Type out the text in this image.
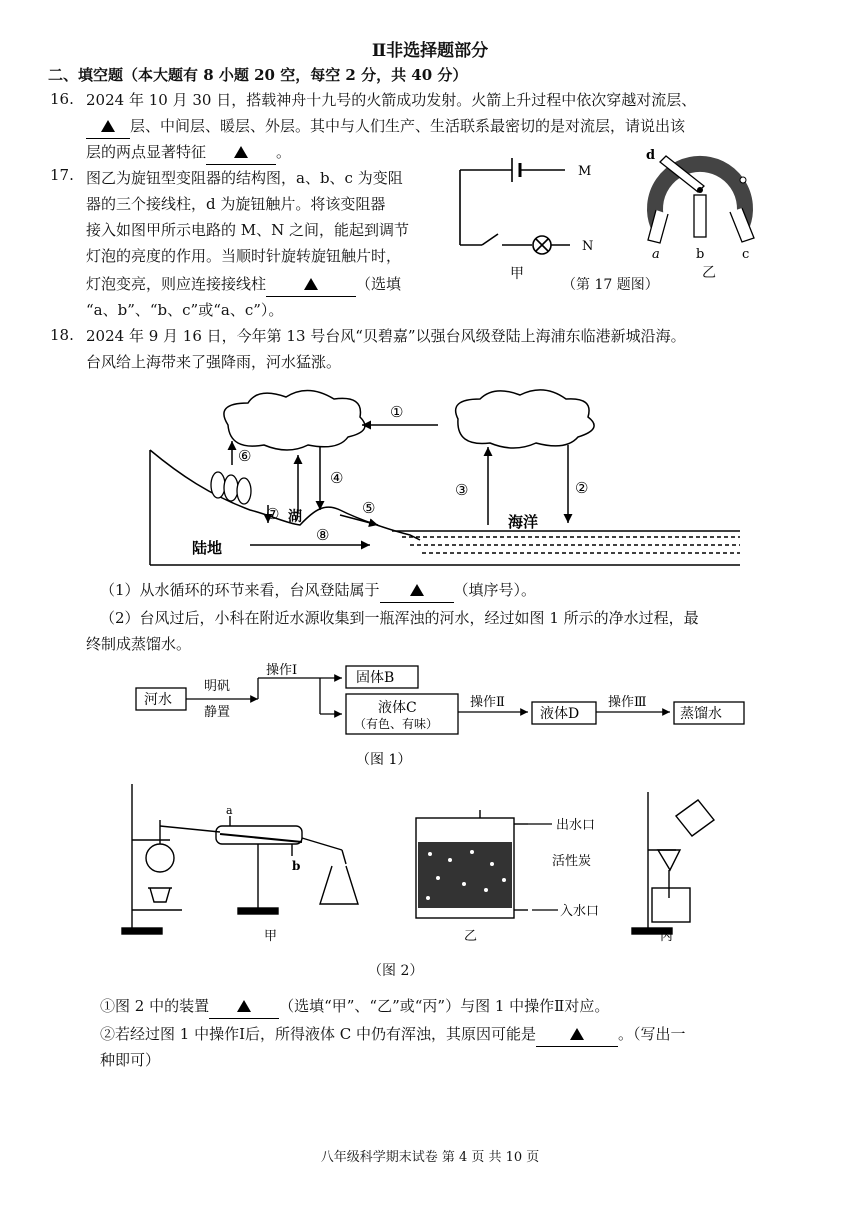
Ⅱ非选择题部分
二、填空题（本大题有 8 小题 20 空，每空 2 分，共 40 分）
16. 2024 年 10 月 30 日，搭载神舟十九号的火箭成功发射。火箭上升过程中依次穿越对流层、
层、中间层、暖层、外层。其中与人们生产、生活联系最密切的是对流层，请说出该
层的两点显著特征	。
17. 图乙为旋钮型变阻器的结构图，a、b、c 为变阻
器的三个接线柱，d 为旋钮触片。将该变阻器
接入如图甲所示电路的 M、N 之间，能起到调节
灯泡的亮度的作用。当顺时针旋转旋钮触片时，
灯泡变亮，则应连接接线柱	（选填
“a、b”、“b、c”或“a、c”）。
M
N
甲
d
a	b	c
乙
（第 17 题图）
18. 2024 年 9 月 16 日，今年第 13 号台风“贝碧嘉”以强台风级登陆上海浦东临港新城沿海。
台风给上海带来了强降雨，河水猛涨。
①
②
③
④
⑤
⑥
⑦
⑧
湖
陆地
海洋
（1）从水循环的环节来看，台风登陆属于	（填序号）。
（2）台风过后，小科在附近水源收集到一瓶浑浊的河水，经过如图 1 所示的净水过程，最
终制成蒸馏水。
河水
明矾
静置
操作Ⅰ	固体B
液体C
（有色、有味）
操作Ⅱ
液体D
操作Ⅲ
蒸馏水
（图 1）
a
b
出水口
活性炭
入水口
甲	乙	丙
（图 2）
①图 2 中的装置	（选填“甲”、“乙”或“丙”）与图 1 中操作Ⅱ对应。
②若经过图 1 中操作Ⅰ后，所得液体 C 中仍有浑浊，其原因可能是	。（写出一
种即可）
八年级科学期末试卷 第 4 页 共 10 页
